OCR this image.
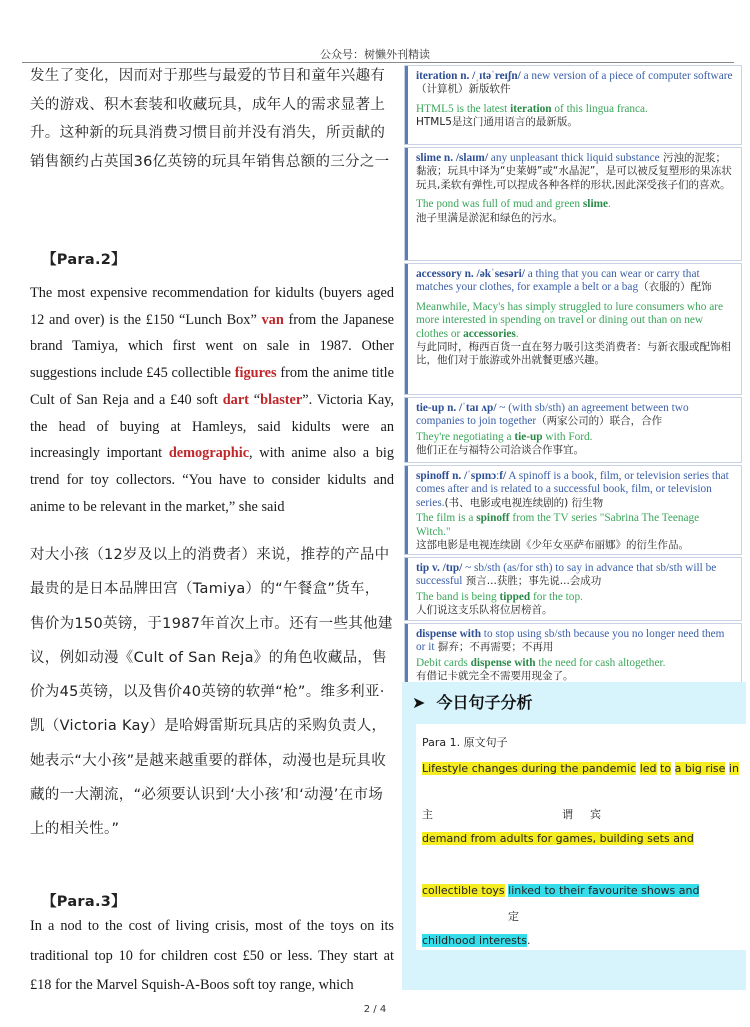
公众号：树懒外刊精读
发生了变化，因而对于那些与最爱的节目和童年兴趣有关的游戏、积木套装和收藏玩具，成年人的需求显著上升。这种新的玩具消费习惯目前并没有消失，所贡献的销售额约占英国36亿英镑的玩具年销售总额的三分之一
【Para.2】
The most expensive recommendation for kidults (buyers aged 12 and over) is the £150 “Lunch Box” van from the Japanese brand Tamiya, which first went on sale in 1987. Other suggestions include £45 collectible figures from the anime title Cult of San Reja and a £40 soft dart “blaster”. Victoria Kay, the head of buying at Hamleys, said kidults were an increasingly important demographic, with anime also a big trend for toy collectors. “You have to consider kidults and anime to be relevant in the market,” she said
对大小孩（12岁及以上的消费者）来说，推荐的产品中最贵的是日本品牌田宫（Tamiya）的“午餐盒”货车，售价为150英镑，于1987年首次上市。还有一些其他建议，例如动漫《Cult of San Reja》的角色收藏品，售价为45英镑，以及售价40英镑的软弹“枪”。维多利亚·凯（Victoria Kay）是哈姆雷斯玩具店的采购负责人，她表示“大小孩”是越来越重要的群体，动漫也是玩具收藏的一大潮流，“必须要认识到‘大小孩’和‘动漫’在市场上的相关性。”
【Para.3】
In a nod to the cost of living crisis, most of the toys on its traditional top 10 for children cost £50 or less. They start at £18 for the Marvel Squish-A-Boos soft toy range, which
iteration n. /ˌɪtəˈreɪʃn/ a new version of a piece of computer software（计算机）新版软件
HTML5 is the latest iteration of this lingua franca.
HTML5是这门通用语言的最新版。
slime n. /slaɪm/ any unpleasant thick liquid substance 污浊的泥浆；黏液；玩具中译为“史莱姆”或“水晶泥”，是可以被反复塑形的果冻状玩具,柔软有弹性,可以捏成各种各样的形状,因此深受孩子们的喜欢。
The pond was full of mud and green slime.
池子里满是淤泥和绿色的污水。
accessory n. /əkˈsesəri/ a thing that you can wear or carry that matches your clothes, for example a belt or a bag（衣服的）配饰
Meanwhile, Macy's has simply struggled to lure consumers who are more interested in spending on travel or dining out than on new clothes or accessories.
与此同时，梅西百货一直在努力吸引这类消费者：与新衣服或配饰相比，他们对于旅游或外出就餐更感兴趣。
tie-up n. /ˈtaɪ ʌp/ ~ (with sb/sth) an agreement between two companies to join together（两家公司的）联合，合作
They're negotiating a tie-up with Ford.
他们正在与福特公司洽谈合作事宜。
spinoff n. /ˈspɪnɔːf/ A spinoff is a book, film, or television series that comes after and is related to a successful book, film, or television series.(书、电影或电视连续剧的) 衍生物
The film is a spinoff from the TV series "Sabrina The Teenage Witch."
这部电影是电视连续剧《少年女巫萨布丽娜》的衍生作品。
tip v. /tɪp/ ~ sb/sth (as/for sth) to say in advance that sb/sth will be successful 预言...获胜；事先说...会成功
The band is being tipped for the top.
人们说这支乐队将位居榜首。
dispense with to stop using sb/sth because you no longer need them or it 摒弃；不再需要；不再用
Debit cards dispense with the need for cash altogether.
有借记卡就完全不需要用现金了。
➤ 今日句子分析
Para 1. 原文句子
Lifestyle changes during the pandemic led to a big rise in
主	谓 宾
demand from adults for games, building sets and
collectible toys linked to their favourite shows and
定
childhood interests.
2 / 4
